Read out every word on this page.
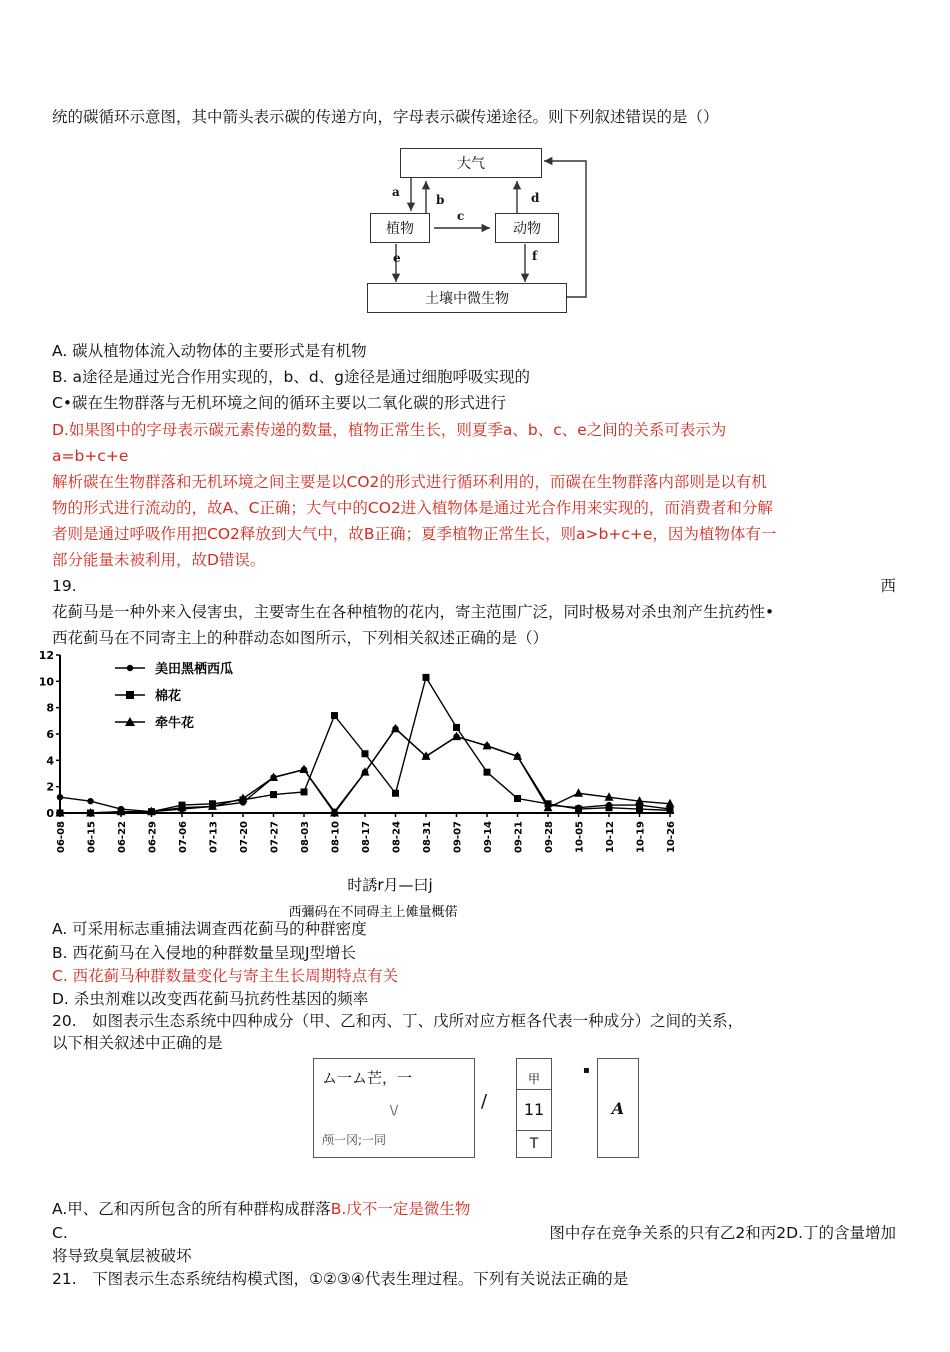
统的碳循环示意图，其中箭头表示碳的传递方向，字母表示碳传递途径。则下列叙述错误的是（）
大气
植物	动物
土壤中微生物
a
b
c
d
e	f
A. 碳从植物体流入动物体的主要形式是有机物
B. a途径是通过光合作用实现的，b、d、g途径是通过细胞呼吸实现的
C•碳在生物群落与无机环境之间的循环主要以二氧化碳的形式进行
D.如果图中的字母表示碳元素传递的数量，植物正常生长，则夏季a、b、c、e之间的关系可表示为
a=b+c+e
解析碳在生物群落和无机环境之间主要是以CO2的形式进行循环利用的，而碳在生物群落内部则是以有机
物的形式进行流动的，故A、C正确；大气中的CO2进入植物体是通过光合作用来实现的，而消费者和分解
者则是通过呼吸作用把CO2释放到大气中，故B正确；夏季植物正常生长，则a>b+c+e，因为植物体有一
部分能量未被利用，故D错误。
19.	西
花蓟马是一种外来入侵害虫，主要寄生在各种植物的花内，寄主范围广泛，同时极易对杀虫剂产生抗药性•
西花蓟马在不同寄主上的种群动态如图所示，下列相关叙述正确的是（）
0
2
4
6
8
10
12
06-08 06-15 06-22 06-29 07-06 07-13 07-20 07-27 08-03 08-10 08-17 08-24 08-31 09-07 09-14 09-21 09-28 10-05 10-12 10-19 10-26
美田黑栖西瓜
棉花
牵牛花
时誘r月—曰j
西彌码在不同碍主上傩量概偌
A. 可采用标志重捕法调查西花蓟马的种群密度
B. 西花蓟马在入侵地的种群数量呈现J型增长
C. 西花蓟马种群数量变化与寄主生长周期特点有关
D. 杀虫剂难以改变西花蓟马抗药性基因的频率
20.　如图表示生态系统中四种成分（甲、乙和丙、丁、戊所对应方框各代表一种成分）之间的关系，
以下相关叙述中正确的是
ム一ム芒，一
\/
颅一冈;一同
/
甲
11
T
▪
A
A.甲、乙和丙所包含的所有种群构成群落B.戊不一定是微生物
C.	图中存在竞争关系的只有乙2和丙2D.丁的含量增加
将导致臭氧层被破坏
21.　下图表示生态系统结构模式图，①②③④代表生理过程。下列有关说法正确的是
